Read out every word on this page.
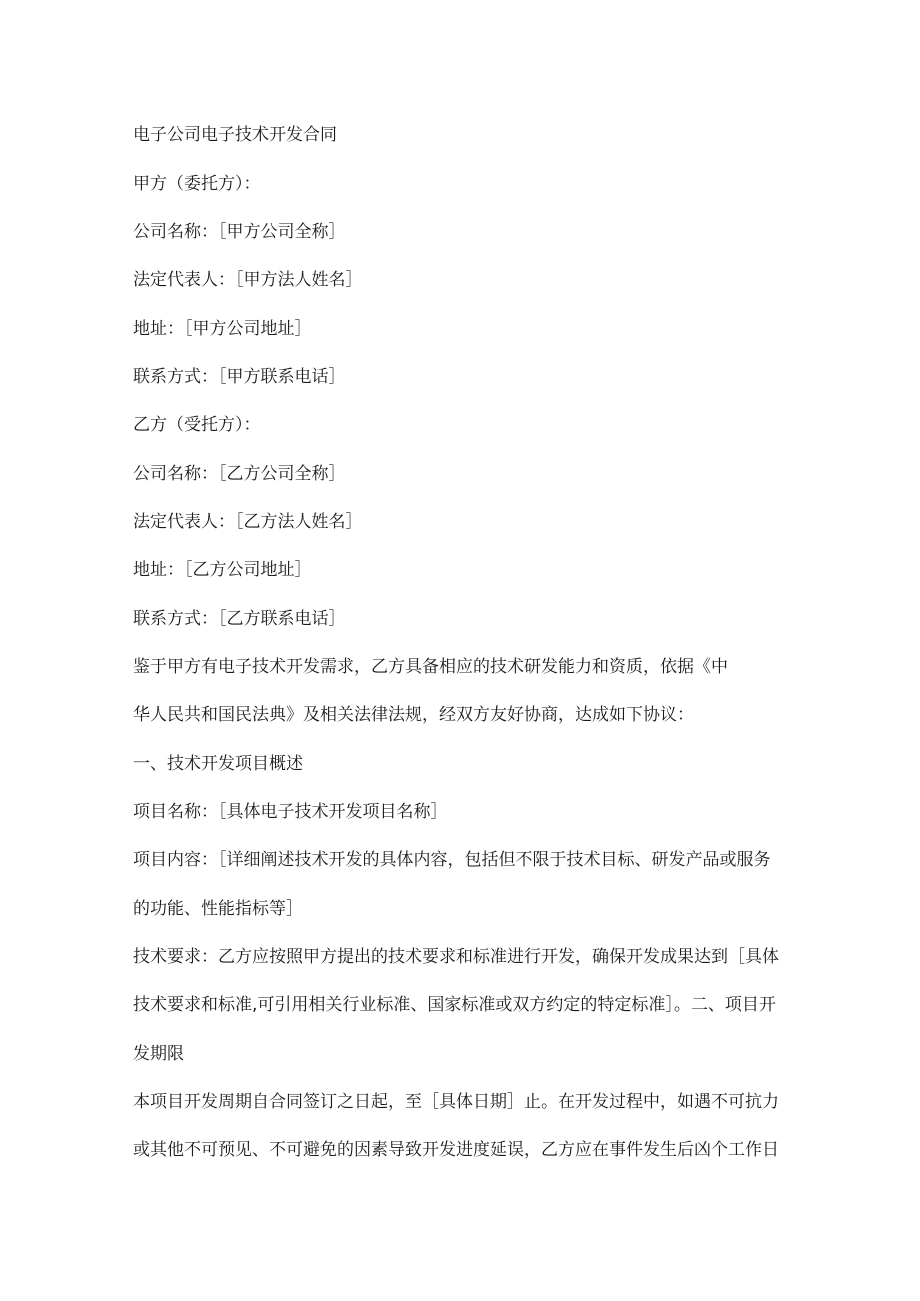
电子公司电子技术开发合同
甲方（委托方）：
公司名称：［甲方公司全称］
法定代表人：［甲方法人姓名］
地址：［甲方公司地址］
联系方式：［甲方联系电话］
乙方（受托方）：
公司名称：［乙方公司全称］
法定代表人：［乙方法人姓名］
地址：［乙方公司地址］
联系方式：［乙方联系电话］
鉴于甲方有电子技术开发需求，乙方具备相应的技术研发能力和资质，依据《中
华人民共和国民法典》及相关法律法规，经双方友好协商，达成如下协议：
一、技术开发项目概述
项目名称：［具体电子技术开发项目名称］
项目内容：［详细阐述技术开发的具体内容，包括但不限于技术目标、研发产品或服务
的功能、性能指标等］
技术要求：乙方应按照甲方提出的技术要求和标准进行开发，确保开发成果达到［具体
技术要求和标准,可引用相关行业标准、国家标准或双方约定的特定标准］。二、项目开
发期限
本项目开发周期自合同签订之日起，至［具体日期］止。在开发过程中，如遇不可抗力
或其他不可预见、不可避免的因素导致开发进度延误，乙方应在事件发生后凶个工作日
